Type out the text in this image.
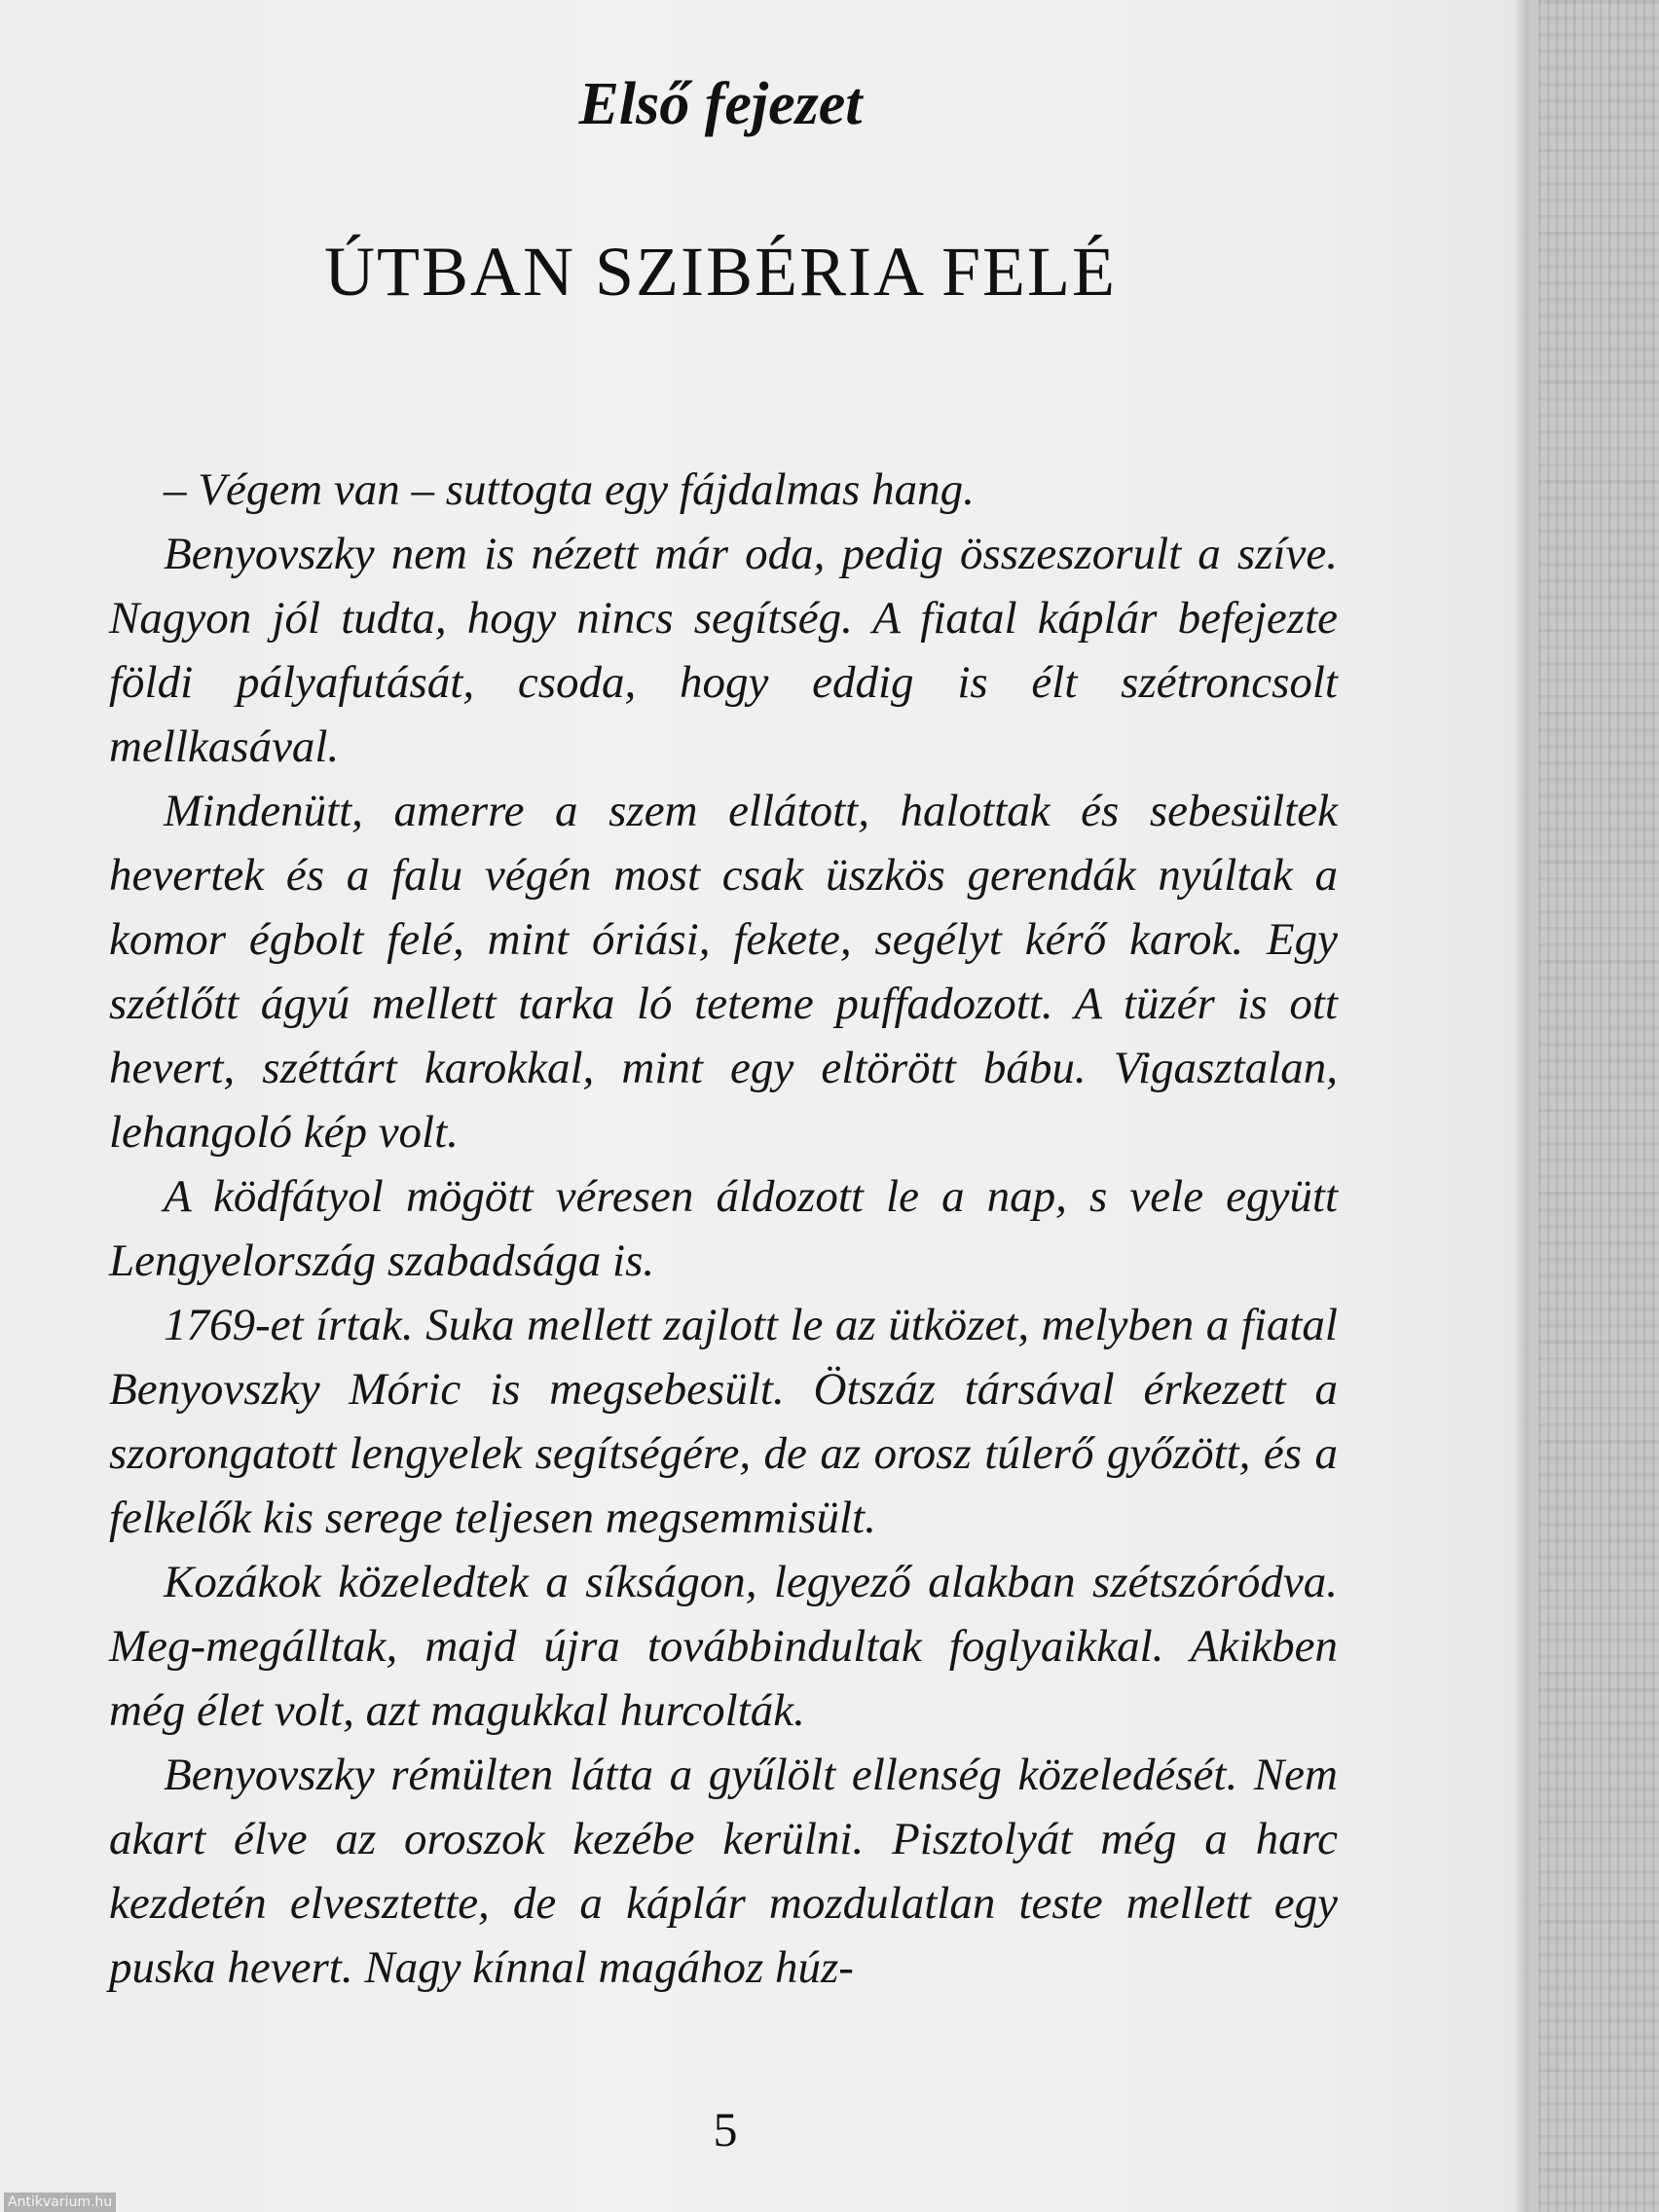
Első fejezet
ÚTBAN SZIBÉRIA FELÉ

– Végem van – suttogta egy fájdalmas hang.

Benyovszky nem is nézett már oda, pedig összeszorult a szíve. Nagyon jól tudta, hogy nincs segítség. A fiatal káplár befejezte földi pályafutását, csoda, hogy eddig is élt szétroncsolt mellkasával.

Mindenütt, amerre a szem ellátott, halottak és sebesültek hevertek és a falu végén most csak üszkös gerendák nyúltak a komor égbolt felé, mint óriási, fekete, segélyt kérő karok. Egy szétlőtt ágyú mellett tarka ló teteme puffadozott. A tüzér is ott hevert, széttárt karokkal, mint egy eltörött bábu. Vigasztalan, lehangoló kép volt.

A ködfátyol mögött véresen áldozott le a nap, s vele együtt Lengyelország szabadsága is.

1769-et írtak. Suka mellett zajlott le az ütközet, melyben a fiatal Benyovszky Móric is megsebesült. Ötszáz társával érkezett a szorongatott lengyelek segítségére, de az orosz túlerő győzött, és a felkelők kis serege teljesen megsemmisült.

Kozákok közeledtek a síkságon, legyező alakban szétszóródva. Meg-megálltak, majd újra továbbindultak foglyaikkal. Akikben még élet volt, azt magukkal hurcolták.

Benyovszky rémülten látta a gyűlölt ellenség közeledését. Nem akart élve az oroszok kezébe kerülni. Pisztolyát még a harc kezdetén elvesztette, de a káplár mozdulatlan teste mellett egy puska hevert. Nagy kínnal magához húz-

5

Antikvarium.hu
